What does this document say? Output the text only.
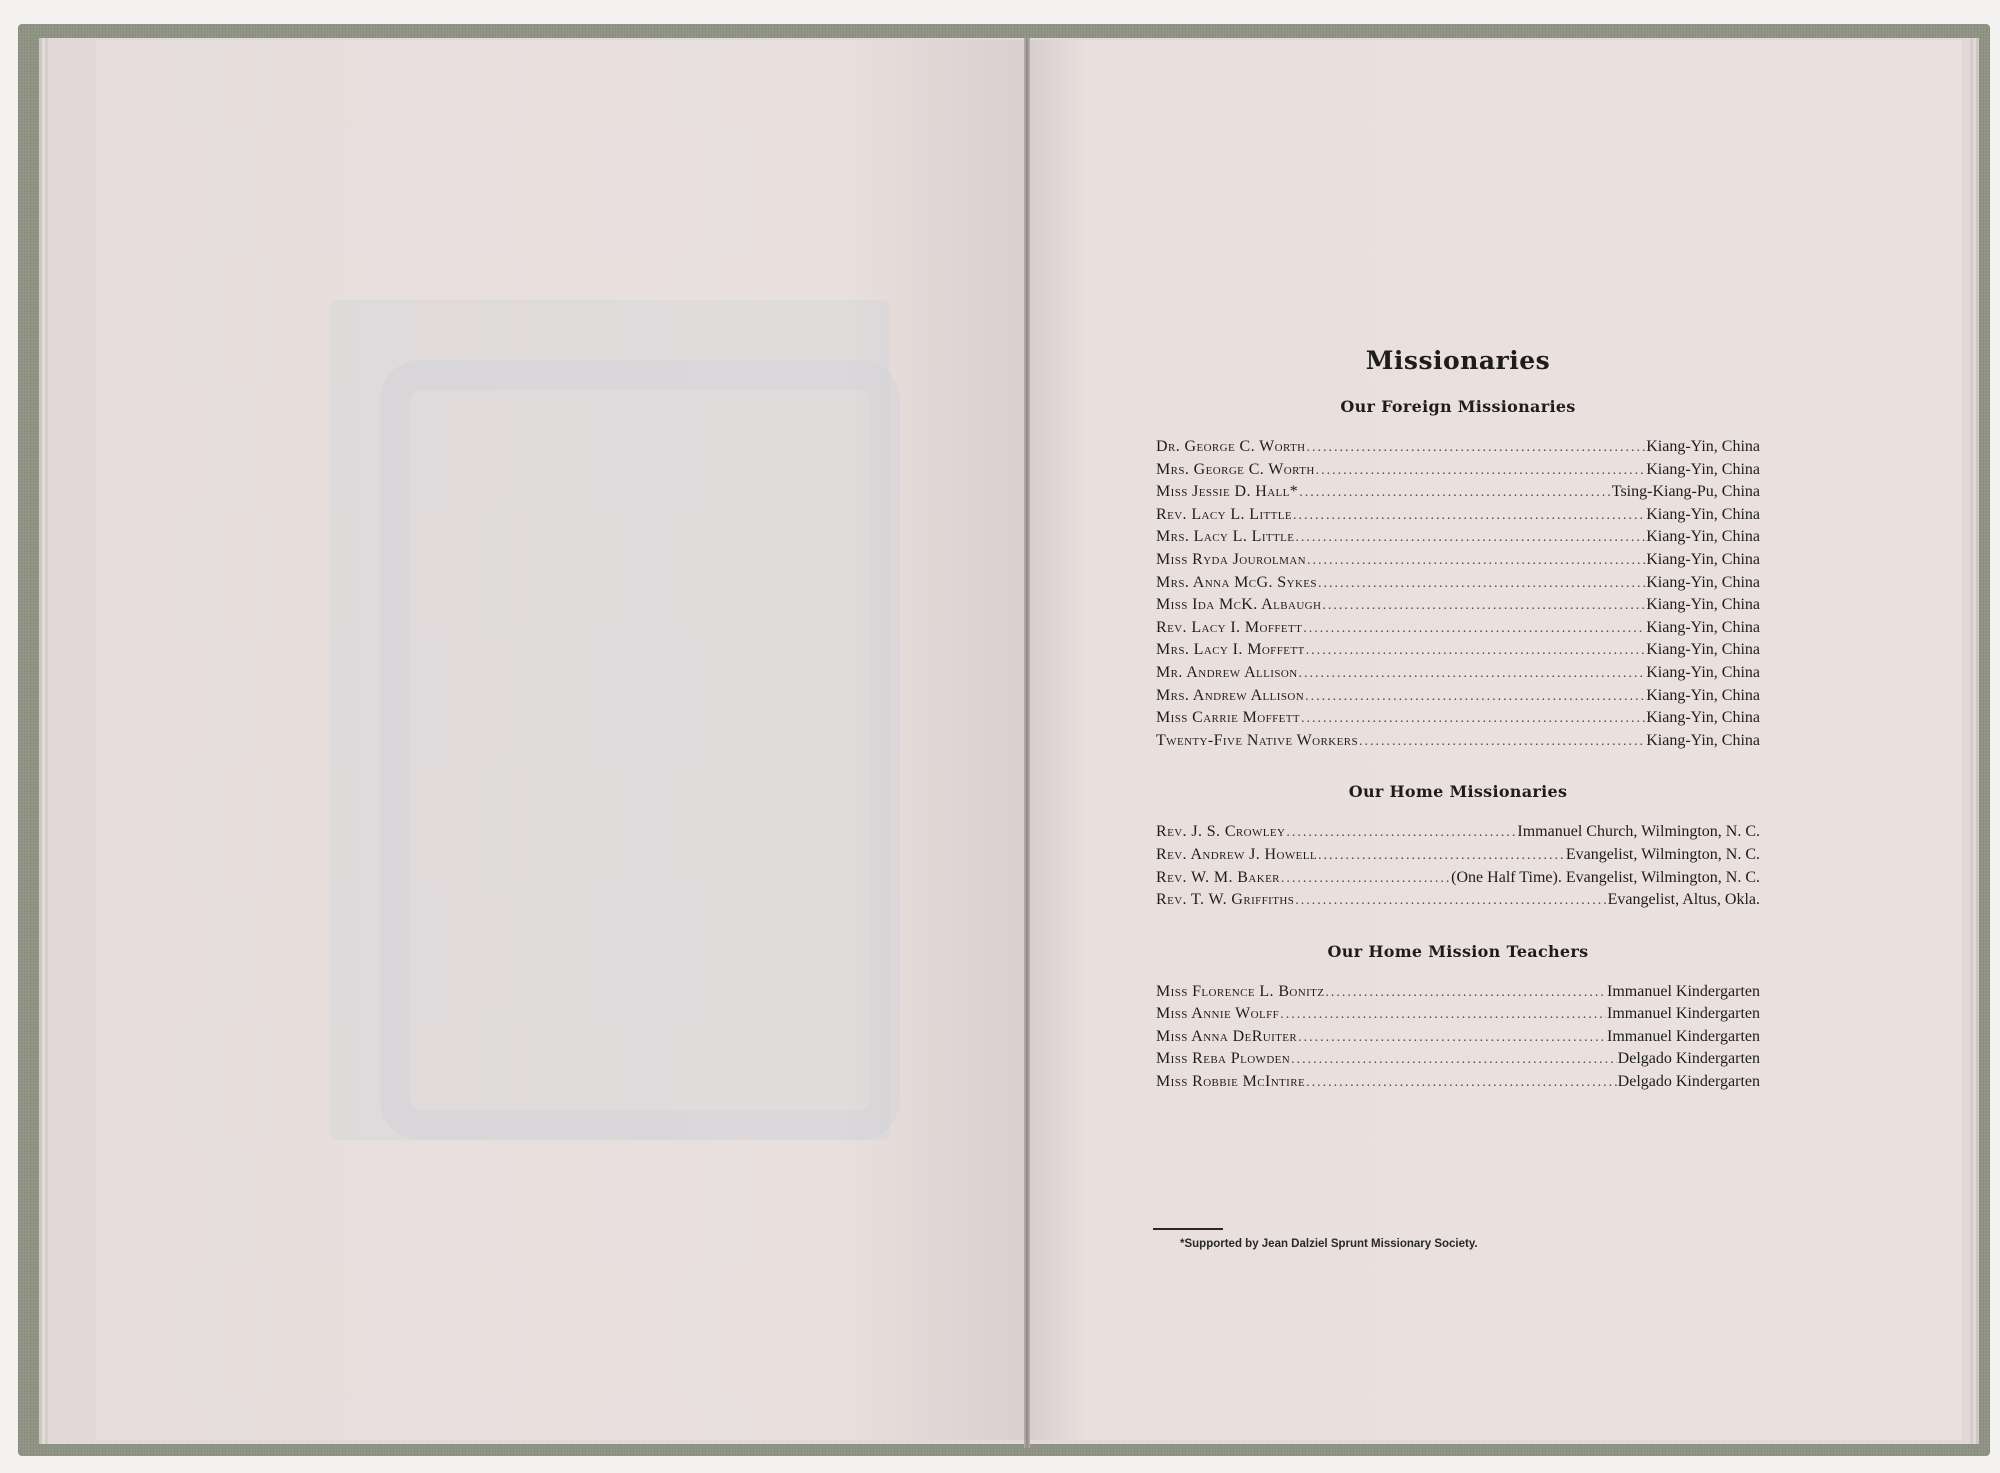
Missionaries
Our Foreign Missionaries
Dr. George C. Worth .....	Kiang-Yin, China
Mrs. George C. Worth .....	Kiang-Yin, China
Miss Jessie D. Hall* .....	Tsing-Kiang-Pu, China
Rev. Lacy L. Little .....	Kiang-Yin, China
Mrs. Lacy L. Little .....	Kiang-Yin, China
Miss Ryda Jourolman .....	Kiang-Yin, China
Mrs. Anna McG. Sykes .....	Kiang-Yin, China
Miss Ida McK. Albaugh .....	Kiang-Yin, China
Rev. Lacy I. Moffett .....	Kiang-Yin, China
Mrs. Lacy I. Moffett .....	Kiang-Yin, China
Mr. Andrew Allison .....	Kiang-Yin, China
Mrs. Andrew Allison .....	Kiang-Yin, China
Miss Carrie Moffett .....	Kiang-Yin, China
Twenty-Five Native Workers .....	Kiang-Yin, China
Our Home Missionaries
Rev. J. S. Crowley .....	Immanuel Church, Wilmington, N. C.
Rev. Andrew J. Howell .....	Evangelist, Wilmington, N. C.
Rev. W. M. Baker .....	(One Half Time). Evangelist, Wilmington, N. C.
Rev. T. W. Griffiths .....	Evangelist, Altus, Okla.
Our Home Mission Teachers
Miss Florence L. Bonitz .....	Immanuel Kindergarten
Miss Annie Wolff .....	Immanuel Kindergarten
Miss Anna DeRuiter .....	Immanuel Kindergarten
Miss Reba Plowden .....	Delgado Kindergarten
Miss Robbie McIntire .....	Delgado Kindergarten
*Supported by Jean Dalziel Sprunt Missionary Society.
